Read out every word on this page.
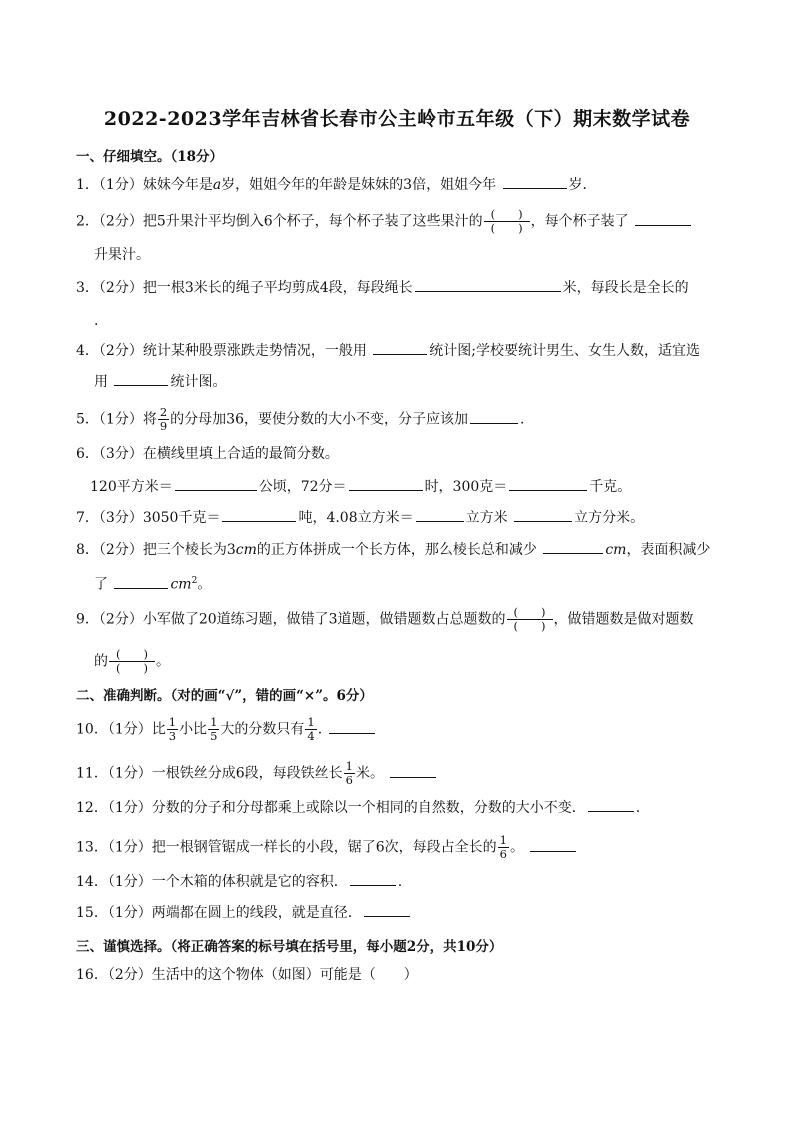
2022-2023学年吉林省长春市公主岭市五年级（下）期末数学试卷
一、仔细填空。（18分）
1．（1分）妹妹今年是a岁，姐姐今年的年龄是妹妹的3倍，姐姐今年	岁．
2．（2分）把5升果汁平均倒入6个杯子，每个杯子装了这些果汁的 $\frac{( )}{( )}$ ，每个杯子装了
升果汁。
3．（2分）把一根3米长的绳子平均剪成4段，每段绳长	米，每段长是全长的
.
4．（2分）统计某种股票涨跌走势情况，一般用	统计图;学校要统计男生、女生人数，适宜选
用	统计图。
5．（1分）将 $\frac{2}{9}$ 的分母加36，要使分数的大小不变，分子应该加	.
6．（3分）在横线里填上合适的最简分数。
120平方米＝	公顷，72分＝	时，300克＝	千克。
7．（3分）3050千克＝	吨，4.08立方米＝	立方米	立方分米。
8．（2分）把三个棱长为3cm的正方体拼成一个长方体，那么棱长总和减少	cm，表面积减少
了	$cm^2$。
9．（2分）小军做了20道练习题，做错了3道题，做错题数占总题数的 $\frac{( )}{( )}$ ，做错题数是做对题数
的 $\frac{( )}{( )}$ 。
二、准确判断。（对的画“√”，错的画“×”。6分）
10．（1分）比 $\frac{1}{3}$ 小比 $\frac{1}{5}$ 大的分数只有 $\frac{1}{4}$ .
11．（1分）一根铁丝分成6段，每段铁丝长 $\frac{1}{6}$ 米。
12．（1分）分数的分子和分母都乘上或除以一个相同的自然数，分数的大小不变．	.
13．（1分）把一根钢管锯成一样长的小段，锯了6次，每段占全长的 $\frac{1}{6}$ 。
14．（1分）一个木箱的体积就是它的容积．	.
15．（1分）两端都在圆上的线段，就是直径．
三、谨慎选择。（将正确答案的标号填在括号里，每小题2分，共10分）
16．（2分）生活中的这个物体（如图）可能是（　　）
